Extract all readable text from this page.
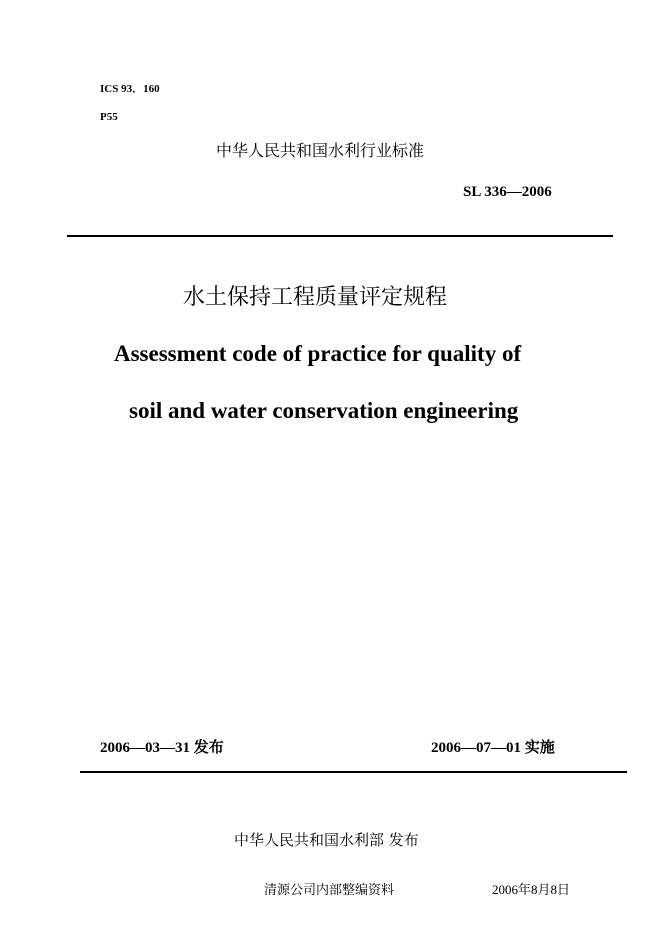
ICS 93．160
P55
中华人民共和国水利行业标准
SL 336—2006
水土保持工程质量评定规程
Assessment code of practice for quality of
soil and water conservation engineering
2006—03—31 发布	2006—07—01 实施
中华人民共和国水利部 发布
清源公司内部整编资料	2006年8月8日
